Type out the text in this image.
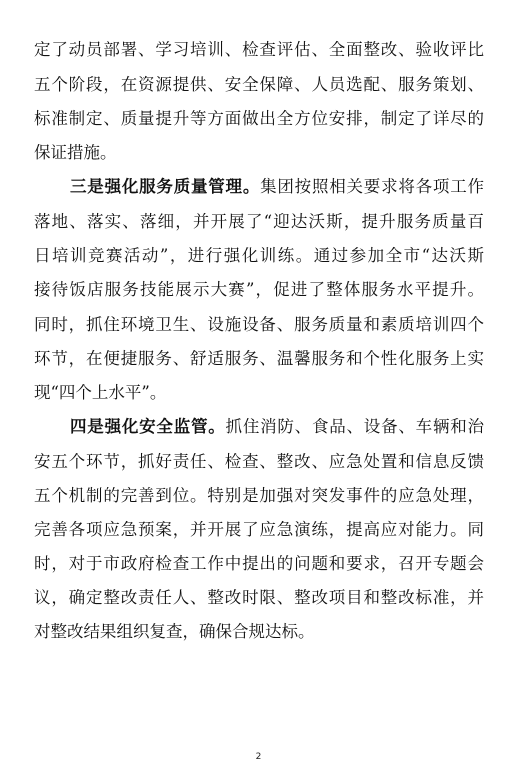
定了动员部署、学习培训、检查评估、全面整改、验收评比
五个阶段，在资源提供、安全保障、人员选配、服务策划、
标准制定、质量提升等方面做出全方位安排，制定了详尽的
保证措施。
三是强化服务质量管理。集团按照相关要求将各项工作
落地、落实、落细，并开展了“迎达沃斯，提升服务质量百
日培训竞赛活动”，进行强化训练。通过参加全市“达沃斯
接待饭店服务技能展示大赛”，促进了整体服务水平提升。
同时，抓住环境卫生、设施设备、服务质量和素质培训四个
环节，在便捷服务、舒适服务、温馨服务和个性化服务上实
现“四个上水平”。
四是强化安全监管。抓住消防、食品、设备、车辆和治
安五个环节，抓好责任、检查、整改、应急处置和信息反馈
五个机制的完善到位。特别是加强对突发事件的应急处理，
完善各项应急预案，并开展了应急演练，提高应对能力。同
时，对于市政府检查工作中提出的问题和要求，召开专题会
议，确定整改责任人、整改时限、整改项目和整改标准，并
对整改结果组织复查，确保合规达标。
2
